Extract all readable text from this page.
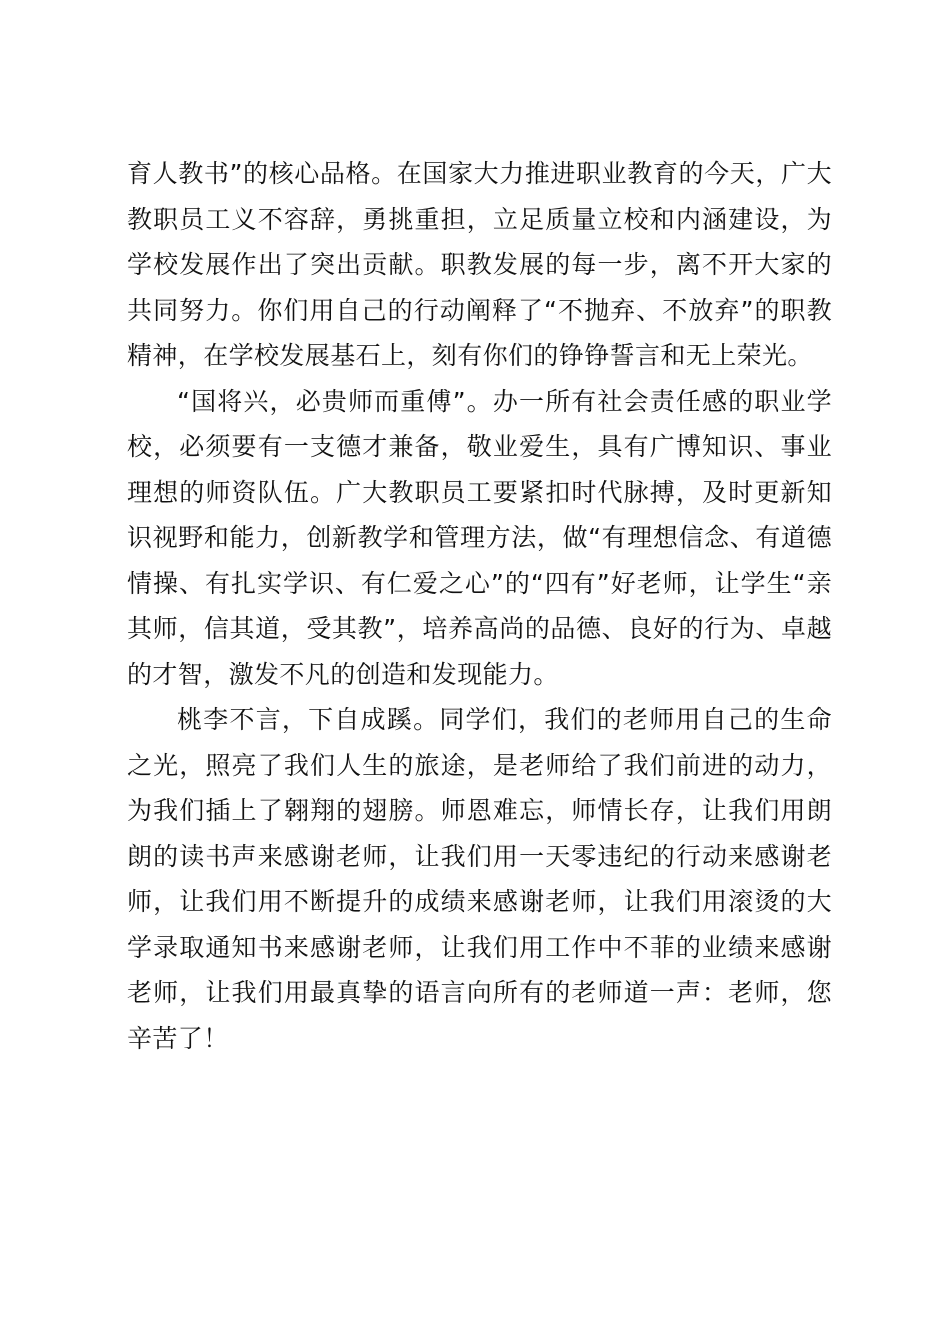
育人教书”的核心品格。在国家大力推进职业教育的今天，广大教职员工义不容辞，勇挑重担，立足质量立校和内涵建设，为学校发展作出了突出贡献。职教发展的每一步，离不开大家的共同努力。你们用自己的行动阐释了“不抛弃、不放弃”的职教精神，在学校发展基石上，刻有你们的铮铮誓言和无上荣光。

“国将兴，必贵师而重傅”。办一所有社会责任感的职业学校，必须要有一支德才兼备，敬业爱生，具有广博知识、事业理想的师资队伍。广大教职员工要紧扣时代脉搏，及时更新知识视野和能力，创新教学和管理方法，做“有理想信念、有道德情操、有扎实学识、有仁爱之心”的“四有”好老师，让学生“亲其师，信其道，受其教”，培养高尚的品德、良好的行为、卓越的才智，激发不凡的创造和发现能力。

桃李不言，下自成蹊。同学们，我们的老师用自己的生命之光，照亮了我们人生的旅途，是老师给了我们前进的动力，为我们插上了翱翔的翅膀。师恩难忘，师情长存，让我们用朗朗的读书声来感谢老师，让我们用一天零违纪的行动来感谢老师，让我们用不断提升的成绩来感谢老师，让我们用滚烫的大学录取通知书来感谢老师，让我们用工作中不菲的业绩来感谢老师，让我们用最真挚的语言向所有的老师道一声：老师，您辛苦了！
